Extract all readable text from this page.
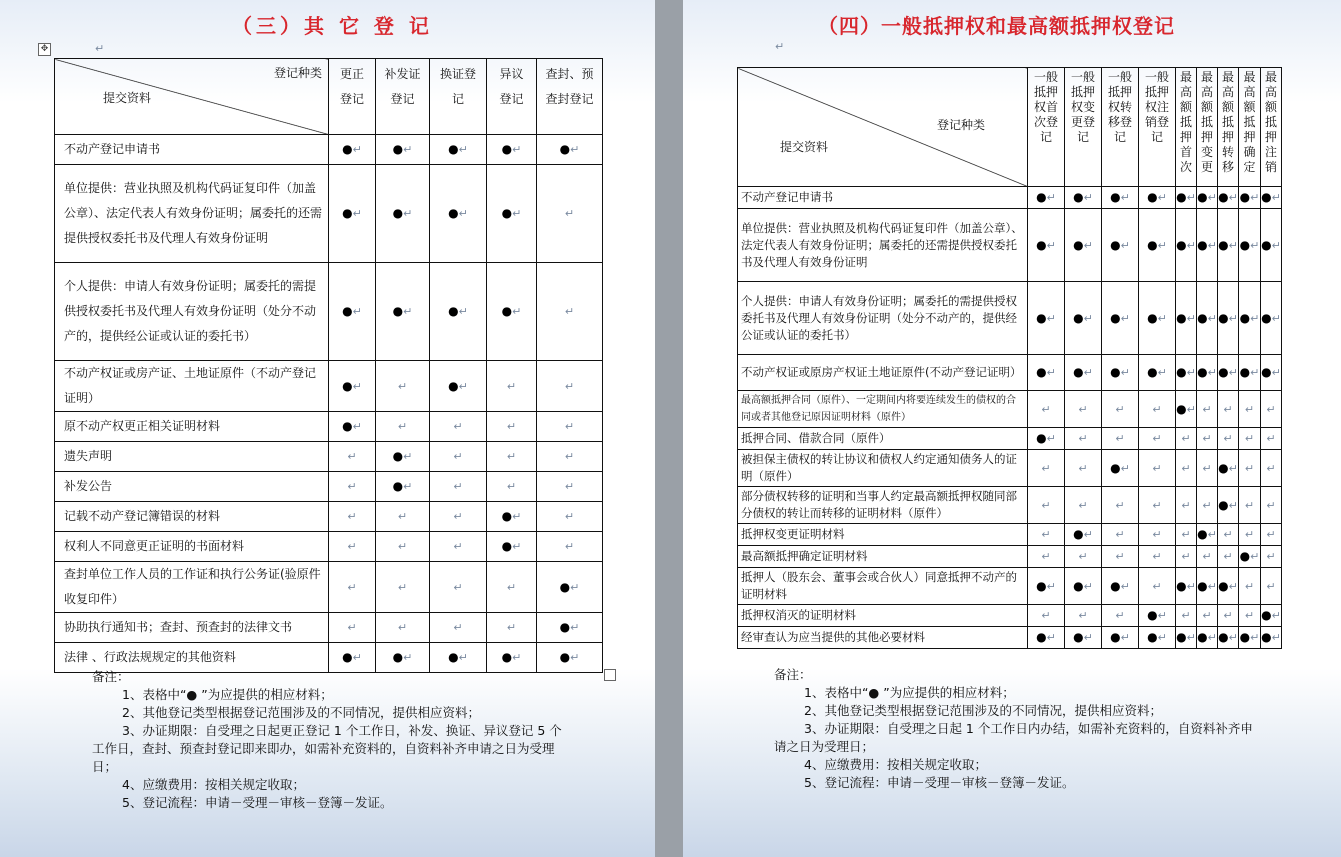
（三）其 它 登 记
✥	↵
登记种类
提交资料	更正登记	补发证登记	换证登记	异议登记	查封、预查封登记
不动产登记申请书	●↵	●↵	●↵	●↵	●↵
单位提供：营业执照及机构代码证复印件（加盖公章）、法定代表人有效身份证明；属委托的还需提供授权委托书及代理人有效身份证明	●↵	●↵	●↵	●↵	↵
个人提供：申请人有效身份证明；属委托的需提供授权委托书及代理人有效身份证明（处分不动产的，提供经公证或认证的委托书）	●↵	●↵	●↵	●↵	↵
不动产权证或房产证、土地证原件（不动产登记证明）	●↵	↵	●↵	↵	↵
原不动产权更正相关证明材料	●↵	↵	↵	↵	↵
遗失声明	↵	●↵	↵	↵	↵
补发公告	↵	●↵	↵	↵	↵
记载不动产登记簿错误的材料	↵	↵	↵	●↵	↵
权利人不同意更正证明的书面材料	↵	↵	↵	●↵	↵
查封单位工作人员的工作证和执行公务证(验原件收复印件）	↵	↵	↵	↵	●↵
协助执行通知书；查封、预查封的法律文书	↵	↵	↵	↵	●↵
法律 、行政法规规定的其他资料	●↵	●↵	●↵	●↵	●↵
备注：
1、表格中“● ”为应提供的相应材料；
2、其他登记类型根据登记范围涉及的不同情况，提供相应资料；
3、办证期限：自受理之日起更正登记 1 个工作日，补发、换证、异议登记 5 个工作日，查封、预查封登记即来即办，如需补充资料的，自资料补齐申请之日为受理日；
4、应缴费用：按相关规定收取；
5、登记流程：申请－受理－审核－登簿－发证。
（四）一般抵押权和最高额抵押权登记
↵
登记种类
提交资料	一般抵押权首次登记	一般抵押权变更登记	一般抵押权转移登记	一般抵押权注销登记	最高额抵押首次	最高额抵押变更	最高额抵押转移	最高额抵押确定	最高额抵押注销
不动产登记申请书	●↵	●↵	●↵	●↵	●↵	●↵	●↵	●↵	●↵
单位提供：营业执照及机构代码证复印件（加盖公章）、法定代表人有效身份证明；属委托的还需提供授权委托书及代理人有效身份证明	●↵	●↵	●↵	●↵	●↵	●↵	●↵	●↵	●↵
个人提供：申请人有效身份证明；属委托的需提供授权委托书及代理人有效身份证明（处分不动产的，提供经公证或认证的委托书）	●↵	●↵	●↵	●↵	●↵	●↵	●↵	●↵	●↵
不动产权证或原房产权证土地证原件(不动产登记证明）	●↵	●↵	●↵	●↵	●↵	●↵	●↵	●↵	●↵
最高额抵押合同（原件）、一定期间内将要连续发生的债权的合同或者其他登记原因证明材料（原件）	↵	↵	↵	↵	●↵	↵	↵	↵	↵
抵押合同、借款合同（原件）	●↵	↵	↵	↵	↵	↵	↵	↵	↵
被担保主债权的转让协议和债权人约定通知债务人的证明（原件）	↵	↵	●↵	↵	↵	↵	●↵	↵	↵
部分债权转移的证明和当事人约定最高额抵押权随同部分债权的转让而转移的证明材料（原件）	↵	↵	↵	↵	↵	↵	●↵	↵	↵
抵押权变更证明材料	↵	●↵	↵	↵	↵	●↵	↵	↵	↵
最高额抵押确定证明材料	↵	↵	↵	↵	↵	↵	↵	●↵	↵
抵押人（股东会、董事会或合伙人）同意抵押不动产的证明材料	●↵	●↵	●↵	↵	●↵	●↵	●↵	↵	↵
抵押权消灭的证明材料	↵	↵	↵	●↵	↵	↵	↵	↵	●↵
经审查认为应当提供的其他必要材料	●↵	●↵	●↵	●↵	●↵	●↵	●↵	●↵	●↵
备注：
1、表格中“● ”为应提供的相应材料；
2、其他登记类型根据登记范围涉及的不同情况，提供相应资料；
3、办证期限：自受理之日起 1 个工作日内办结，如需补充资料的，自资料补齐申请之日为受理日；
4、应缴费用：按相关规定收取；
5、登记流程：申请－受理－审核－登簿－发证。
